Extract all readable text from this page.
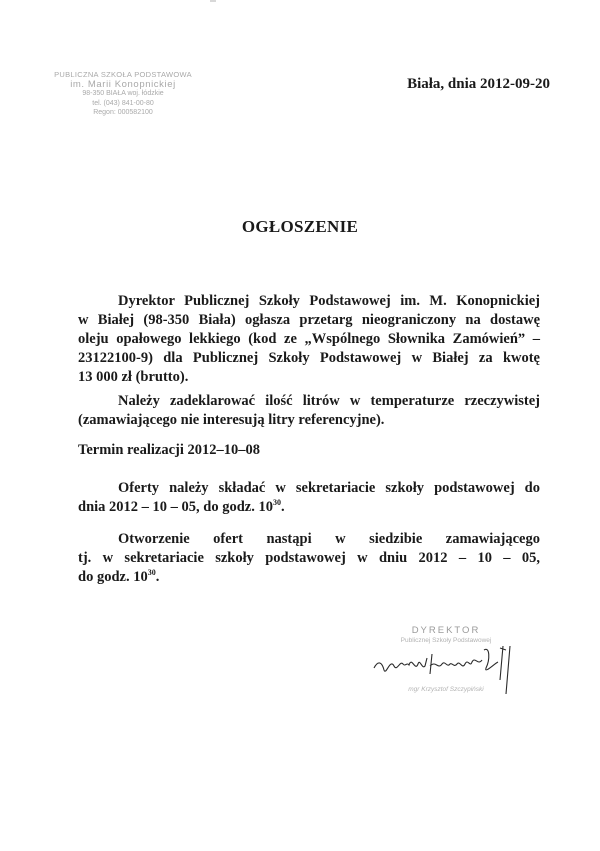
PUBLICZNA SZKOŁA PODSTAWOWA
im. Marii Konopnickiej
98-350 BIAŁA woj. łódzkie
tel. (043) 841-00-80
Regon: 000582100
Biała, dnia 2012-09-20
OGŁOSZENIE
Dyrektor Publicznej Szkoły Podstawowej im. M. Konopnickiej
w Białej (98-350 Biała) ogłasza przetarg nieograniczony na dostawę
oleju opałowego lekkiego (kod ze „Wspólnego Słownika Zamówień” –
23122100-9) dla Publicznej Szkoły Podstawowej w Białej za kwotę
13 000 zł (brutto).
Należy zadeklarować ilość litrów w temperaturze rzeczywistej
(zamawiającego nie interesują litry referencyjne).
Termin realizacji 2012–10–08
Oferty należy składać w sekretariacie szkoły podstawowej do
dnia 2012 – 10 – 05, do godz. $10^{30}$.
Otworzenie ofert nastąpi w siedzibie zamawiającego
tj. w sekretariacie szkoły podstawowej w dniu 2012 – 10 – 05,
do godz. $10^{30}$.
DYREKTOR
Publicznej Szkoły Podstawowej
mgr Krzysztof Szczypiński
